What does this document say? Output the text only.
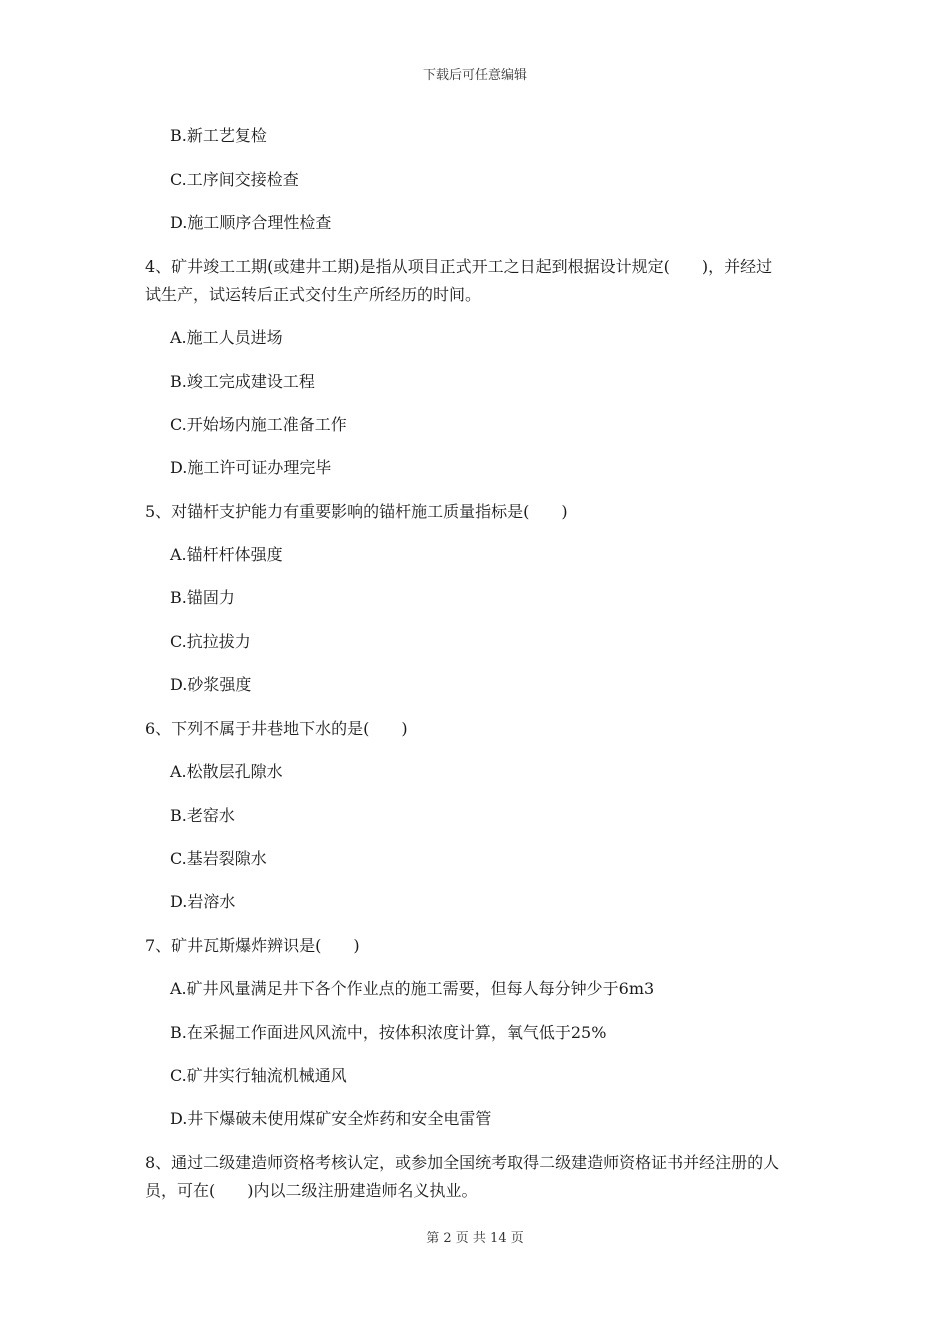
下载后可任意编辑
B.新工艺复检
C.工序间交接检查
D.施工顺序合理性检查
4、矿井竣工工期(或建井工期)是指从项目正式开工之日起到根据设计规定(　　)，并经过
试生产，试运转后正式交付生产所经历的时间。
A.施工人员进场
B.竣工完成建设工程
C.开始场内施工准备工作
D.施工许可证办理完毕
5、对锚杆支护能力有重要影响的锚杆施工质量指标是(　　)
A.锚杆杆体强度
B.锚固力
C.抗拉拔力
D.砂浆强度
6、下列不属于井巷地下水的是(　　)
A.松散层孔隙水
B.老窑水
C.基岩裂隙水
D.岩溶水
7、矿井瓦斯爆炸辨识是(　　)
A.矿井风量满足井下各个作业点的施工需要，但每人每分钟少于6m3
B.在采掘工作面进风风流中，按体积浓度计算，氧气低于25%
C.矿井实行轴流机械通风
D.井下爆破未使用煤矿安全炸药和安全电雷管
8、通过二级建造师资格考核认定，或参加全国统考取得二级建造师资格证书并经注册的人
员，可在(　　)内以二级注册建造师名义执业。
第 2 页 共 14 页
